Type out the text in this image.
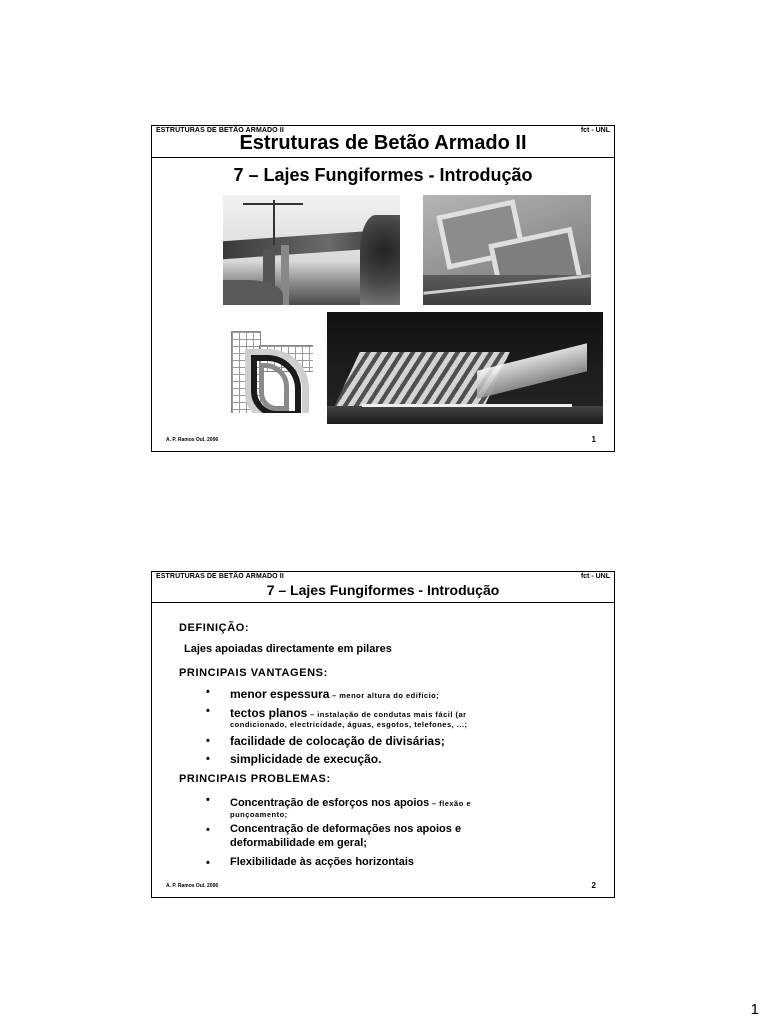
ESTRUTURAS DE BETÃO ARMADO II	fct - UNL
Estruturas de Betão Armado II
7 – Lajes Fungiformes - Introdução
A. P. Ramos Oul. 2006	1
ESTRUTURAS DE BETÃO ARMADO II	fct - UNL
7 – Lajes Fungiformes - Introdução
DEFINIÇÃO:
Lajes apoiadas directamente em pilares
PRINCIPAIS VANTAGENS:
• menor espessura – menor altura do edifício;
• tectos planos – instalação de condutas mais fácil (ar
condicionado, electricidade, águas, esgotos, telefones, ...;
• facilidade de colocação de divisárias;
• simplicidade de execução.
PRINCIPAIS PROBLEMAS:
• Concentração de esforços nos apoios – flexão e
punçoamento;
• Concentração de deformações nos apoios e
deformabilidade em geral;
• Flexibilidade às acções horizontais
A. P. Ramos Oul. 2006	2
1
